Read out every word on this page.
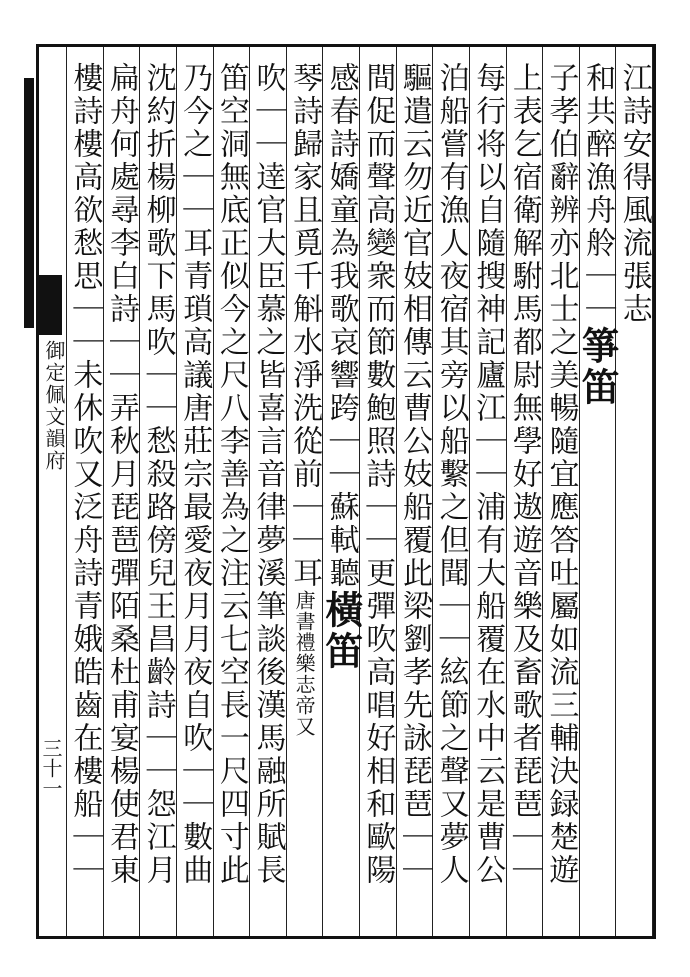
御定佩文韻府
三十一
江詩安得風流張志
和共醉漁舟舲｜｜箏笛
子孝伯辭辨亦北士之美暢隨宜應答吐屬如流三輔決録楚遊
上表乞宿衛解駙馬都尉無學好遨遊音樂及畜歌者琵琶｜｜
每行将以自隨搜神記廬江｜｜浦有大船覆在水中云是曹公
泊船嘗有漁人夜宿其旁以船繫之但聞｜｜絃節之聲又夢人
驅遣云勿近官妓相傳云曹公妓船覆此梁劉孝先詠琵琶｜｜
間促而聲高變衆而節數鮑照詩｜｜更彈吹高唱好相和歐陽
感春詩嬌童為我歌哀響跨｜｜蘇軾聽橫笛
琴詩歸家且覓千斛水淨洗從前｜｜耳唐書禮樂志帝又
吹｜｜逹官大臣慕之皆喜言音律夢溪筆談後漢馬融所賦長
笛空洞無底正似今之尺八李善為之注云七空長一尺四寸此
乃今之｜｜耳青瑣高議唐莊宗最愛夜月月夜自吹｜｜數曲
沈約折楊柳歌下馬吹｜｜愁殺路傍兒王昌齡詩｜｜怨江月
扁舟何處尋李白詩｜｜弄秋月琵琶彈陌桑杜甫宴楊使君東
樓詩樓高欲愁思｜｜未休吹又泛舟詩青娥皓齒在樓船｜｜
